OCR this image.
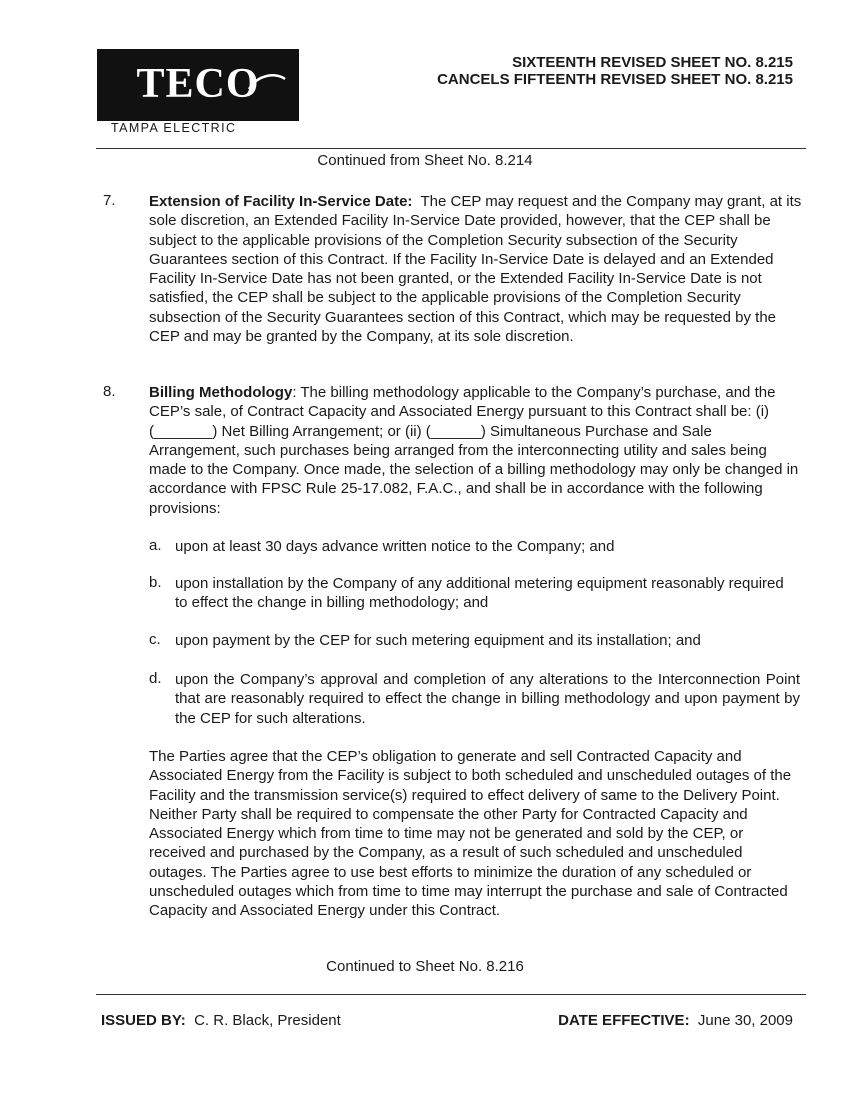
TECO
TAMPA ELECTRIC
SIXTEENTH REVISED SHEET NO. 8.215
CANCELS FIFTEENTH REVISED SHEET NO. 8.215
Continued from Sheet No. 8.214
7. Extension of Facility In-Service Date: The CEP may request and the Company may grant, at its sole discretion, an Extended Facility In-Service Date provided, however, that the CEP shall be subject to the applicable provisions of the Completion Security subsection of the Security Guarantees section of this Contract. If the Facility In-Service Date is delayed and an Extended Facility In-Service Date has not been granted, or the Extended Facility In-Service Date is not satisfied, the CEP shall be subject to the applicable provisions of the Completion Security subsection of the Security Guarantees section of this Contract, which may be requested by the CEP and may be granted by the Company, at its sole discretion.
8. Billing Methodology: The billing methodology applicable to the Company’s purchase, and the CEP’s sale, of Contract Capacity and Associated Energy pursuant to this Contract shall be: (i) (_______) Net Billing Arrangement; or (ii) (______) Simultaneous Purchase and Sale Arrangement, such purchases being arranged from the interconnecting utility and sales being made to the Company. Once made, the selection of a billing methodology may only be changed in accordance with FPSC Rule 25-17.082, F.A.C., and shall be in accordance with the following provisions:
a. upon at least 30 days advance written notice to the Company; and
b. upon installation by the Company of any additional metering equipment reasonably required to effect the change in billing methodology; and
c. upon payment by the CEP for such metering equipment and its installation; and
d. upon the Company’s approval and completion of any alterations to the Interconnection Point that are reasonably required to effect the change in billing methodology and upon payment by the CEP for such alterations.
The Parties agree that the CEP’s obligation to generate and sell Contracted Capacity and Associated Energy from the Facility is subject to both scheduled and unscheduled outages of the Facility and the transmission service(s) required to effect delivery of same to the Delivery Point. Neither Party shall be required to compensate the other Party for Contracted Capacity and Associated Energy which from time to time may not be generated and sold by the CEP, or received and purchased by the Company, as a result of such scheduled and unscheduled outages. The Parties agree to use best efforts to minimize the duration of any scheduled or unscheduled outages which from time to time may interrupt the purchase and sale of Contracted Capacity and Associated Energy under this Contract.
Continued to Sheet No. 8.216
ISSUED BY: C. R. Black, President	DATE EFFECTIVE: June 30, 2009
